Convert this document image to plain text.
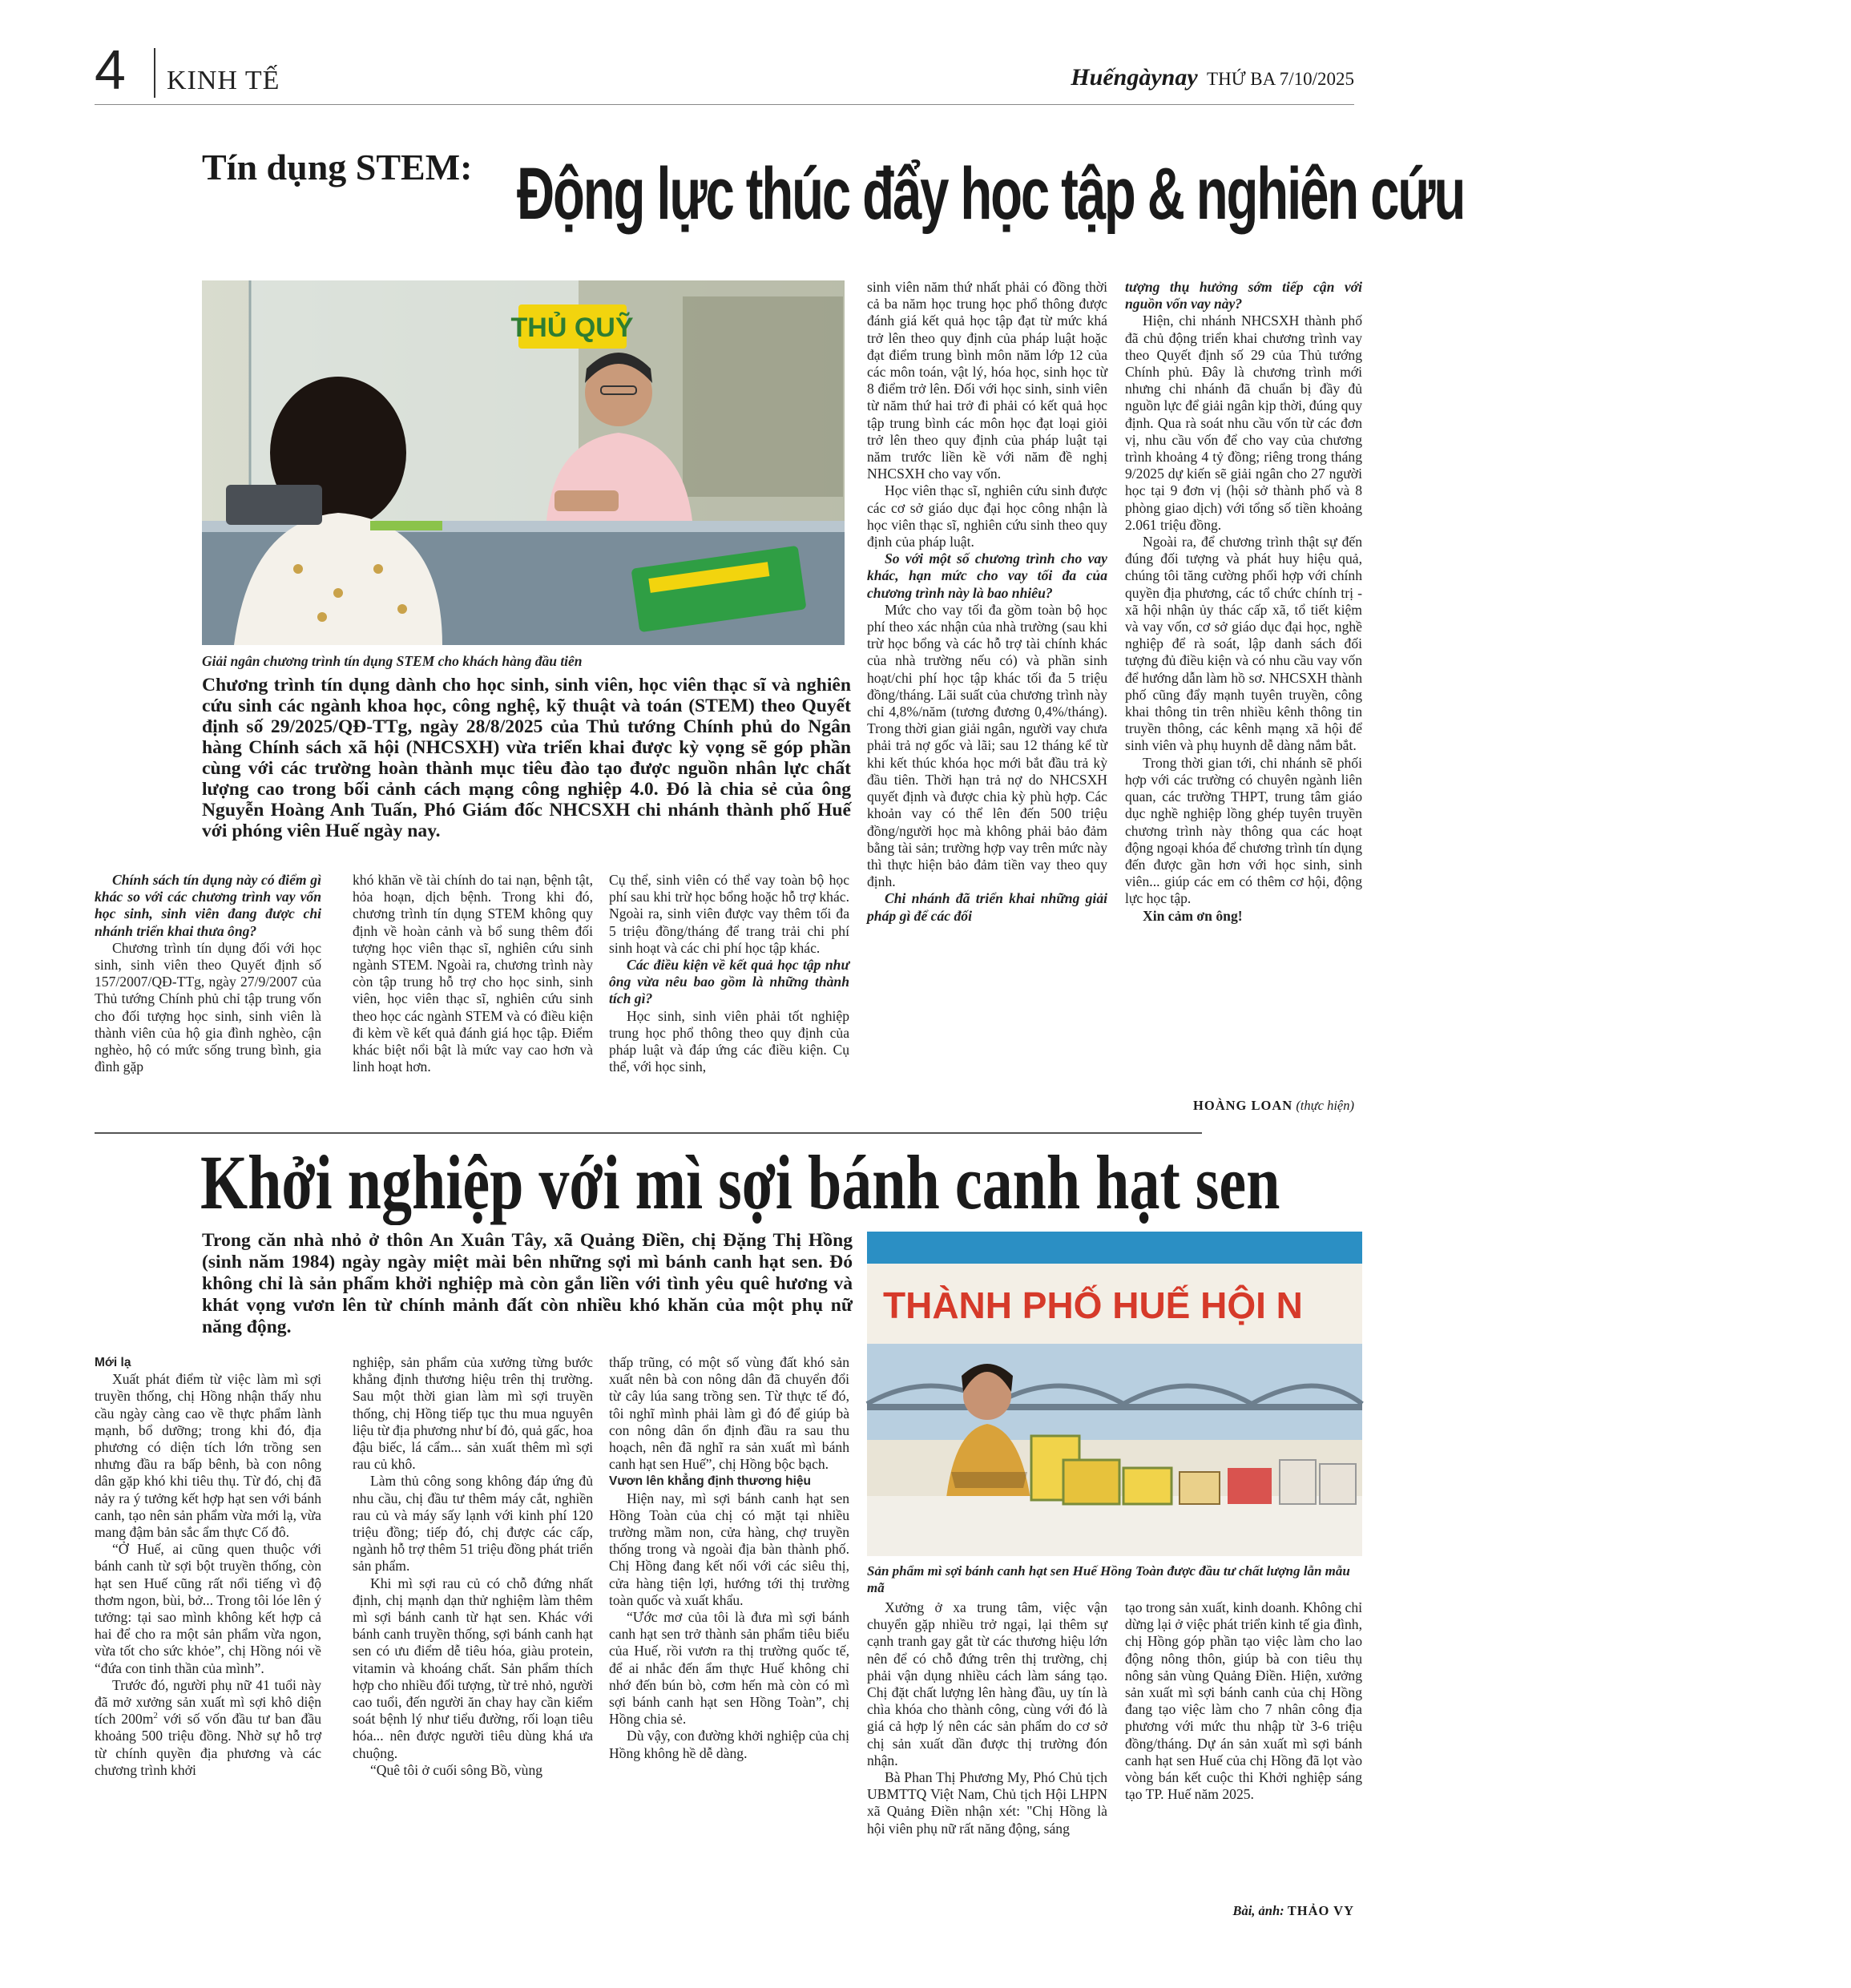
4 KINH TẾ	Huếngàynay THỨ BA 7/10/2025
Tín dụng STEM: Động lực thúc đẩy học tập & nghiên cứu
THỦ QUỸ
Giải ngân chương trình tín dụng STEM cho khách hàng đầu tiên
Chương trình tín dụng dành cho học sinh, sinh viên, học viên thạc sĩ và nghiên cứu sinh các ngành khoa học, công nghệ, kỹ thuật và toán (STEM) theo Quyết định số 29/2025/QĐ-TTg, ngày 28/8/2025 của Thủ tướng Chính phủ do Ngân hàng Chính sách xã hội (NHCSXH) vừa triển khai được kỳ vọng sẽ góp phần cùng với các trường hoàn thành mục tiêu đào tạo được nguồn nhân lực chất lượng cao trong bối cảnh cách mạng công nghiệp 4.0. Đó là chia sẻ của ông Nguyễn Hoàng Anh Tuấn, Phó Giám đốc NHCSXH chi nhánh thành phố Huế với phóng viên Huế ngày nay.

Chính sách tín dụng này có điểm gì khác so với các chương trình vay vốn học sinh, sinh viên đang được chi nhánh triển khai thưa ông?

Chương trình tín dụng đối với học sinh, sinh viên theo Quyết định số 157/2007/QĐ-TTg, ngày 27/9/2007 của Thủ tướng Chính phủ chỉ tập trung vốn cho đối tượng học sinh, sinh viên là thành viên của hộ gia đình nghèo, cận nghèo, hộ có mức sống trung bình, gia đình gặp

khó khăn về tài chính do tai nạn, bệnh tật, hỏa hoạn, dịch bệnh. Trong khi đó, chương trình tín dụng STEM không quy định về hoàn cảnh và bổ sung thêm đối tượng học viên thạc sĩ, nghiên cứu sinh ngành STEM. Ngoài ra, chương trình này còn tập trung hỗ trợ cho học sinh, sinh viên, học viên thạc sĩ, nghiên cứu sinh theo học các ngành STEM và có điều kiện đi kèm về kết quả đánh giá học tập. Điểm khác biệt nổi bật là mức vay cao hơn và linh hoạt hơn.

Cụ thể, sinh viên có thể vay toàn bộ học phí sau khi trừ học bổng hoặc hỗ trợ khác. Ngoài ra, sinh viên được vay thêm tối đa 5 triệu đồng/tháng để trang trải chi phí sinh hoạt và các chi phí học tập khác.

Các điều kiện về kết quả học tập như ông vừa nêu bao gồm là những thành tích gì?

Học sinh, sinh viên phải tốt nghiệp trung học phổ thông theo quy định của pháp luật và đáp ứng các điều kiện. Cụ thể, với học sinh,

sinh viên năm thứ nhất phải có đồng thời cả ba năm học trung học phổ thông được đánh giá kết quả học tập đạt từ mức khá trở lên theo quy định của pháp luật hoặc đạt điểm trung bình môn năm lớp 12 của các môn toán, vật lý, hóa học, sinh học từ 8 điểm trở lên. Đối với học sinh, sinh viên từ năm thứ hai trở đi phải có kết quả học tập trung bình các môn học đạt loại giỏi trở lên theo quy định của pháp luật tại năm trước liền kề với năm đề nghị NHCSXH cho vay vốn.

Học viên thạc sĩ, nghiên cứu sinh được các cơ sở giáo dục đại học công nhận là học viên thạc sĩ, nghiên cứu sinh theo quy định của pháp luật.

So với một số chương trình cho vay khác, hạn mức cho vay tối đa của chương trình này là bao nhiêu?

Mức cho vay tối đa gồm toàn bộ học phí theo xác nhận của nhà trường (sau khi trừ học bổng và các hỗ trợ tài chính khác của nhà trường nếu có) và phần sinh hoạt/chi phí học tập khác tối đa 5 triệu đồng/tháng. Lãi suất của chương trình này chỉ 4,8%/năm (tương đương 0,4%/tháng). Trong thời gian giải ngân, người vay chưa phải trả nợ gốc và lãi; sau 12 tháng kể từ khi kết thúc khóa học mới bắt đầu trả kỳ đầu tiên. Thời hạn trả nợ do NHCSXH quyết định và được chia kỳ phù hợp. Các khoản vay có thể lên đến 500 triệu đồng/người học mà không phải bảo đảm bằng tài sản; trường hợp vay trên mức này thì thực hiện bảo đảm tiền vay theo quy định.

Chi nhánh đã triển khai những giải pháp gì để các đối

tượng thụ hưởng sớm tiếp cận với nguồn vốn vay này?

Hiện, chi nhánh NHCSXH thành phố đã chủ động triển khai chương trình vay theo Quyết định số 29 của Thủ tướng Chính phủ. Đây là chương trình mới nhưng chi nhánh đã chuẩn bị đầy đủ nguồn lực để giải ngân kịp thời, đúng quy định. Qua rà soát nhu cầu vốn từ các đơn vị, nhu cầu vốn để cho vay của chương trình khoảng 4 tỷ đồng; riêng trong tháng 9/2025 dự kiến sẽ giải ngân cho 27 người học tại 9 đơn vị (hội sở thành phố và 8 phòng giao dịch) với tổng số tiền khoảng 2.061 triệu đồng.

Ngoài ra, để chương trình thật sự đến đúng đối tượng và phát huy hiệu quả, chúng tôi tăng cường phối hợp với chính quyền địa phương, các tổ chức chính trị - xã hội nhận ủy thác cấp xã, tổ tiết kiệm và vay vốn, cơ sở giáo dục đại học, nghề nghiệp để rà soát, lập danh sách đối tượng đủ điều kiện và có nhu cầu vay vốn để hướng dẫn làm hồ sơ. NHCSXH thành phố cũng đẩy mạnh tuyên truyền, công khai thông tin trên nhiều kênh thông tin truyền thông, các kênh mạng xã hội để sinh viên và phụ huynh dễ dàng nắm bắt.

Trong thời gian tới, chi nhánh sẽ phối hợp với các trường có chuyên ngành liên quan, các trường THPT, trung tâm giáo dục nghề nghiệp lồng ghép tuyên truyền chương trình này thông qua các hoạt động ngoại khóa để chương trình tín dụng đến được gần hơn với học sinh, sinh viên... giúp các em có thêm cơ hội, động lực học tập.

Xin cảm ơn ông!

HOÀNG LOAN (thực hiện)
Khởi nghiệp với mì sợi bánh canh hạt sen
Trong căn nhà nhỏ ở thôn An Xuân Tây, xã Quảng Điền, chị Đặng Thị Hồng (sinh năm 1984) ngày ngày miệt mài bên những sợi mì bánh canh hạt sen. Đó không chỉ là sản phẩm khởi nghiệp mà còn gắn liền với tình yêu quê hương và khát vọng vươn lên từ chính mảnh đất còn nhiều khó khăn của một phụ nữ năng động.
THÀNH PHỐ HUẾ HỘI N
Sản phẩm mì sợi bánh canh hạt sen Huế Hồng Toàn được đầu tư chất lượng lẫn mẫu mã

Mới lạ

Xuất phát điểm từ việc làm mì sợi truyền thống, chị Hồng nhận thấy nhu cầu ngày càng cao về thực phẩm lành mạnh, bổ dưỡng; trong khi đó, địa phương có diện tích lớn trồng sen nhưng đầu ra bấp bênh, bà con nông dân gặp khó khi tiêu thụ. Từ đó, chị đã nảy ra ý tưởng kết hợp hạt sen với bánh canh, tạo nên sản phẩm vừa mới lạ, vừa mang đậm bản sắc ẩm thực Cố đô.

“Ở Huế, ai cũng quen thuộc với bánh canh từ sợi bột truyền thống, còn hạt sen Huế cũng rất nổi tiếng vì độ thơm ngon, bùi, bở... Trong tôi lóe lên ý tưởng: tại sao mình không kết hợp cả hai để cho ra một sản phẩm vừa ngon, vừa tốt cho sức khỏe”, chị Hồng nói về “đứa con tinh thần của mình”.

Trước đó, người phụ nữ 41 tuổi này đã mở xưởng sản xuất mì sợi khô diện tích $200m^2$ với số vốn đầu tư ban đầu khoảng 500 triệu đồng. Nhờ sự hỗ trợ từ chính quyền địa phương và các chương trình khởi

nghiệp, sản phẩm của xưởng từng bước khẳng định thương hiệu trên thị trường. Sau một thời gian làm mì sợi truyền thống, chị Hồng tiếp tục thu mua nguyên liệu từ địa phương như bí đỏ, quả gấc, hoa đậu biếc, lá cẩm... sản xuất thêm mì sợi rau củ khô.

Làm thủ công song không đáp ứng đủ nhu cầu, chị đầu tư thêm máy cắt, nghiền rau củ và máy sấy lạnh với kinh phí 120 triệu đồng; tiếp đó, chị được các cấp, ngành hỗ trợ thêm 51 triệu đồng phát triển sản phẩm.

Khi mì sợi rau củ có chỗ đứng nhất định, chị mạnh dạn thử nghiệm làm thêm mì sợi bánh canh từ hạt sen. Khác với bánh canh truyền thống, sợi bánh canh hạt sen có ưu điểm dễ tiêu hóa, giàu protein, vitamin và khoáng chất. Sản phẩm thích hợp cho nhiều đối tượng, từ trẻ nhỏ, người cao tuổi, đến người ăn chay hay cần kiểm soát bệnh lý như tiểu đường, rối loạn tiêu hóa... nên được người tiêu dùng khá ưa chuộng.

“Quê tôi ở cuối sông Bồ, vùng

thấp trũng, có một số vùng đất khó sản xuất nên bà con nông dân đã chuyển đổi từ cây lúa sang trồng sen. Từ thực tế đó, tôi nghĩ mình phải làm gì đó để giúp bà con nông dân ổn định đầu ra sau thu hoạch, nên đã nghĩ ra sản xuất mì bánh canh hạt sen Huế”, chị Hồng bộc bạch.

Vươn lên khẳng định thương hiệu

Hiện nay, mì sợi bánh canh hạt sen Hồng Toàn của chị có mặt tại nhiều trường mầm non, cửa hàng, chợ truyền thống trong và ngoài địa bàn thành phố. Chị Hồng đang kết nối với các siêu thị, cửa hàng tiện lợi, hướng tới thị trường toàn quốc và xuất khẩu.

“Ước mơ của tôi là đưa mì sợi bánh canh hạt sen trở thành sản phẩm tiêu biểu của Huế, rồi vươn ra thị trường quốc tế, để ai nhắc đến ẩm thực Huế không chỉ nhớ đến bún bò, cơm hến mà còn có mì sợi bánh canh hạt sen Hồng Toàn”, chị Hồng chia sẻ.

Dù vậy, con đường khởi nghiệp của chị Hồng không hề dễ dàng.

Xưởng ở xa trung tâm, việc vận chuyển gặp nhiều trở ngại, lại thêm sự cạnh tranh gay gắt từ các thương hiệu lớn nên để có chỗ đứng trên thị trường, chị phải vận dụng nhiều cách làm sáng tạo. Chị đặt chất lượng lên hàng đầu, uy tín là chìa khóa cho thành công, cùng với đó là giá cả hợp lý nên các sản phẩm do cơ sở chị sản xuất dần được thị trường đón nhận.

Bà Phan Thị Phương My, Phó Chủ tịch UBMTTQ Việt Nam, Chủ tịch Hội LHPN xã Quảng Điền nhận xét: "Chị Hồng là hội viên phụ nữ rất năng động, sáng

tạo trong sản xuất, kinh doanh. Không chỉ dừng lại ở việc phát triển kinh tế gia đình, chị Hồng góp phần tạo việc làm cho lao động nông thôn, giúp bà con tiêu thụ nông sản vùng Quảng Điền. Hiện, xưởng sản xuất mì sợi bánh canh của chị Hồng đang tạo việc làm cho 7 nhân công địa phương với mức thu nhập từ 3-6 triệu đồng/tháng. Dự án sản xuất mì sợi bánh canh hạt sen Huế của chị Hồng đã lọt vào vòng bán kết cuộc thi Khởi nghiệp sáng tạo TP. Huế năm 2025.

Bài, ảnh: THẢO VY
